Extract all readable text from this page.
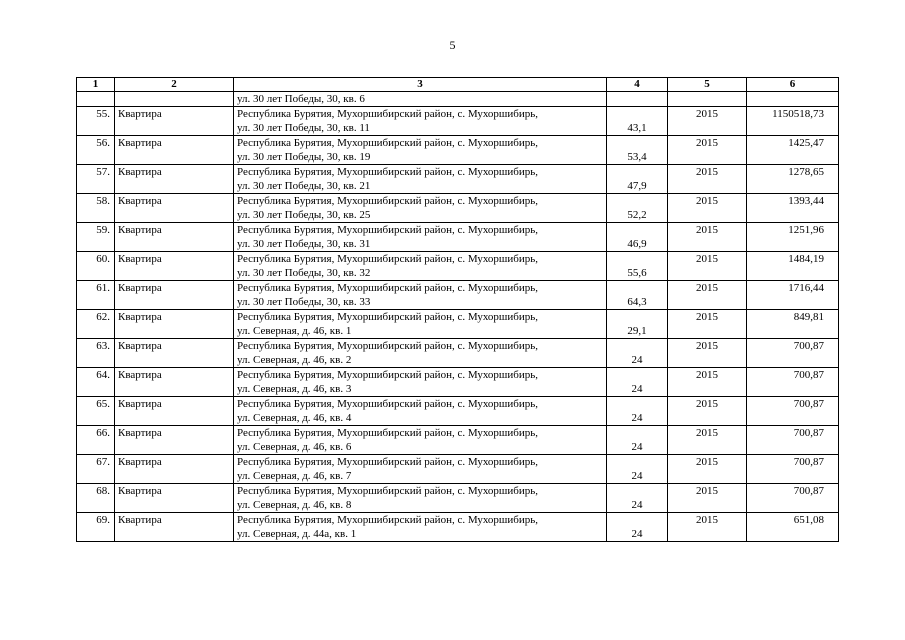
5
1	2	3	4	5	6
		ул. 30 лет Победы, 30, кв. 6			
55.	Квартира	Республика Бурятия, Мухоршибирский район, с. Мухоршибирь,
ул. 30 лет Победы, 30, кв. 11	43,1	2015	1150518,73
56.	Квартира	Республика Бурятия, Мухоршибирский район, с. Мухоршибирь,
ул. 30 лет Победы, 30, кв. 19	53,4	2015	1425,47
57.	Квартира	Республика Бурятия, Мухоршибирский район, с. Мухоршибирь,
ул. 30 лет Победы, 30, кв. 21	47,9	2015	1278,65
58.	Квартира	Республика Бурятия, Мухоршибирский район, с. Мухоршибирь,
ул. 30 лет Победы, 30, кв. 25	52,2	2015	1393,44
59.	Квартира	Республика Бурятия, Мухоршибирский район, с. Мухоршибирь,
ул. 30 лет Победы, 30, кв. 31	46,9	2015	1251,96
60.	Квартира	Республика Бурятия, Мухоршибирский район, с. Мухоршибирь,
ул. 30 лет Победы, 30, кв. 32	55,6	2015	1484,19
61.	Квартира	Республика Бурятия, Мухоршибирский район, с. Мухоршибирь,
ул. 30 лет Победы, 30, кв. 33	64,3	2015	1716,44
62.	Квартира	Республика Бурятия, Мухоршибирский район, с. Мухоршибирь,
ул. Северная, д. 46, кв. 1	29,1	2015	849,81
63.	Квартира	Республика Бурятия, Мухоршибирский район, с. Мухоршибирь,
ул. Северная, д. 46, кв. 2	24	2015	700,87
64.	Квартира	Республика Бурятия, Мухоршибирский район, с. Мухоршибирь,
ул. Северная, д. 46, кв. 3	24	2015	700,87
65.	Квартира	Республика Бурятия, Мухоршибирский район, с. Мухоршибирь,
ул. Северная, д. 46, кв. 4	24	2015	700,87
66.	Квартира	Республика Бурятия, Мухоршибирский район, с. Мухоршибирь,
ул. Северная, д. 46, кв. 6	24	2015	700,87
67.	Квартира	Республика Бурятия, Мухоршибирский район, с. Мухоршибирь,
ул. Северная, д. 46, кв. 7	24	2015	700,87
68.	Квартира	Республика Бурятия, Мухоршибирский район, с. Мухоршибирь,
ул. Северная, д. 46, кв. 8	24	2015	700,87
69.	Квартира	Республика Бурятия, Мухоршибирский район, с. Мухоршибирь,
ул. Северная, д. 44а, кв. 1	24	2015	651,08
